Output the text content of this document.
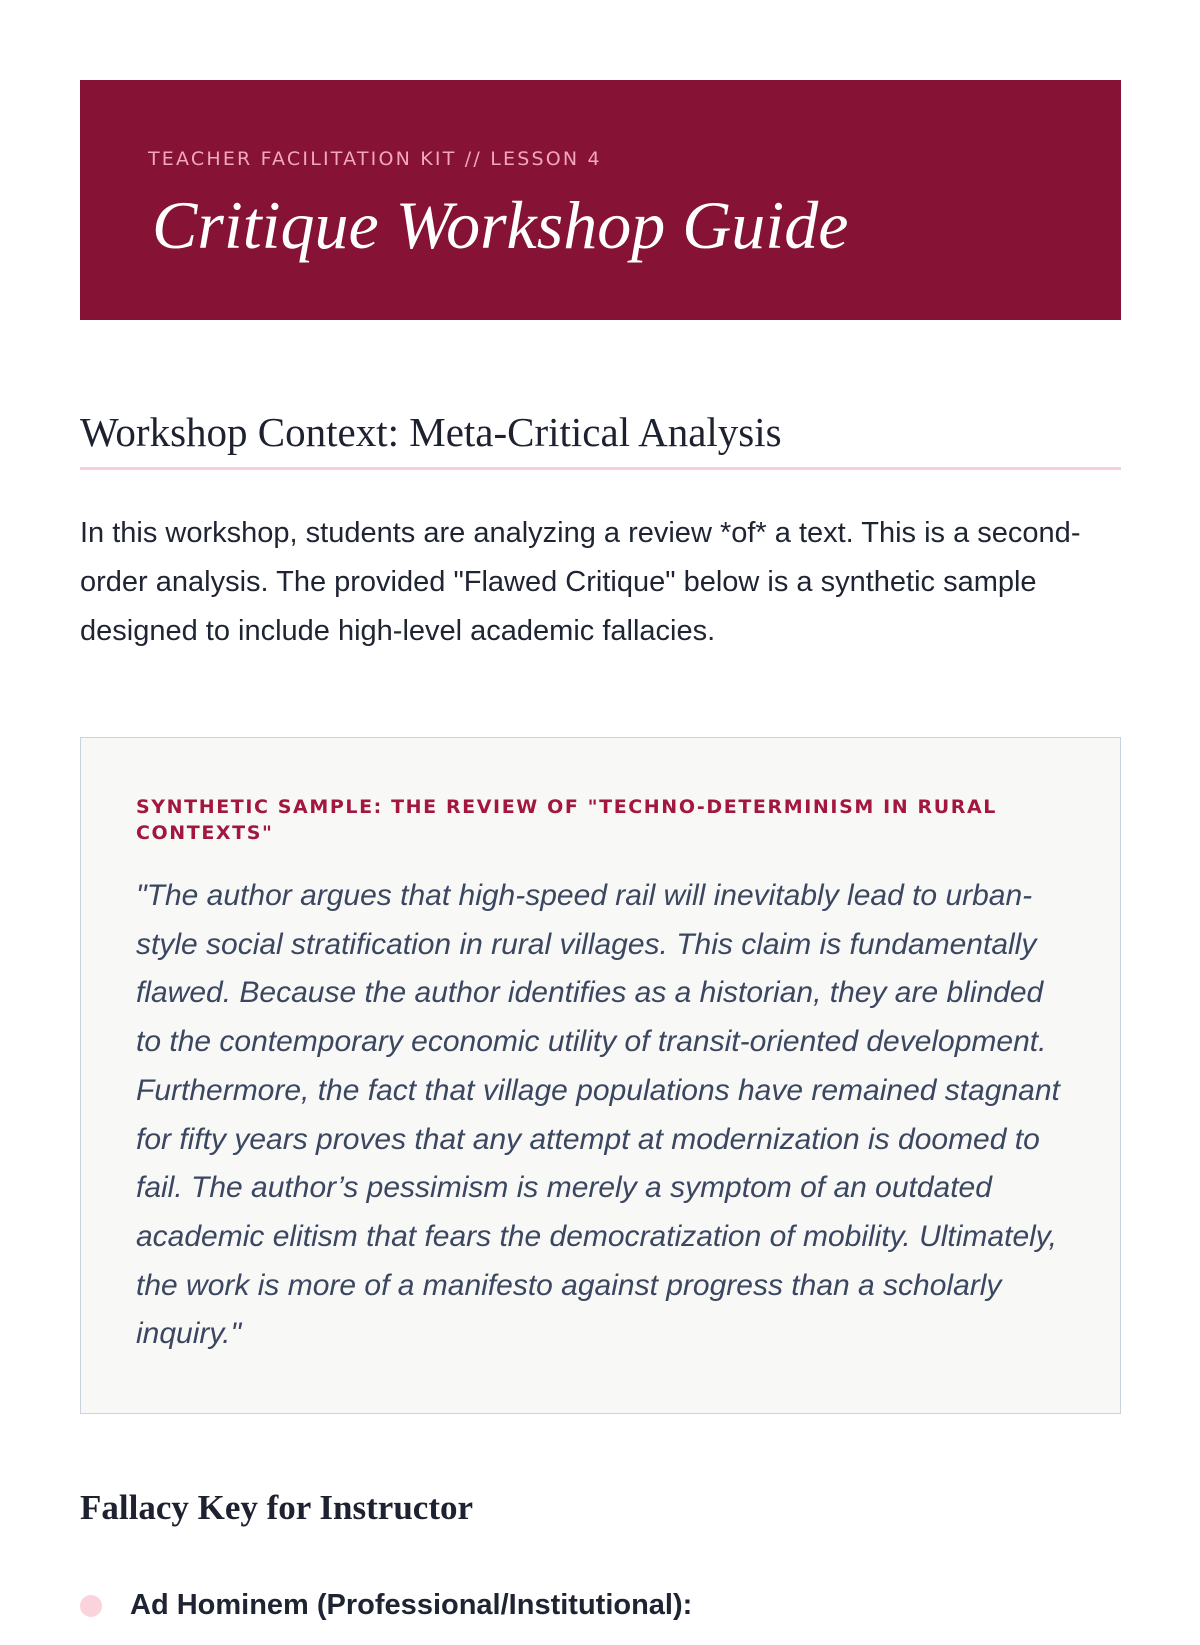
TEACHER FACILITATION KIT // LESSON 4

Critique Workshop Guide
Workshop Context: Meta-Critical Analysis

In this workshop, students are analyzing a review *of* a text. This is a second-order analysis. The provided "Flawed Critique" below is a synthetic sample designed to include high-level academic fallacies.

SYNTHETIC SAMPLE: THE REVIEW OF "TECHNO-DETERMINISM IN RURAL CONTEXTS"

"The author argues that high-speed rail will inevitably lead to urban-style social stratification in rural villages. This claim is fundamentally flawed. Because the author identifies as a historian, they are blinded to the contemporary economic utility of transit-oriented development. Furthermore, the fact that village populations have remained stagnant for fifty years proves that any attempt at modernization is doomed to fail. The author’s pessimism is merely a symptom of an outdated academic elitism that fears the democratization of mobility. Ultimately, the work is more of a manifesto against progress than a scholarly inquiry."

Fallacy Key for Instructor

Ad Hominem (Professional/Institutional):
